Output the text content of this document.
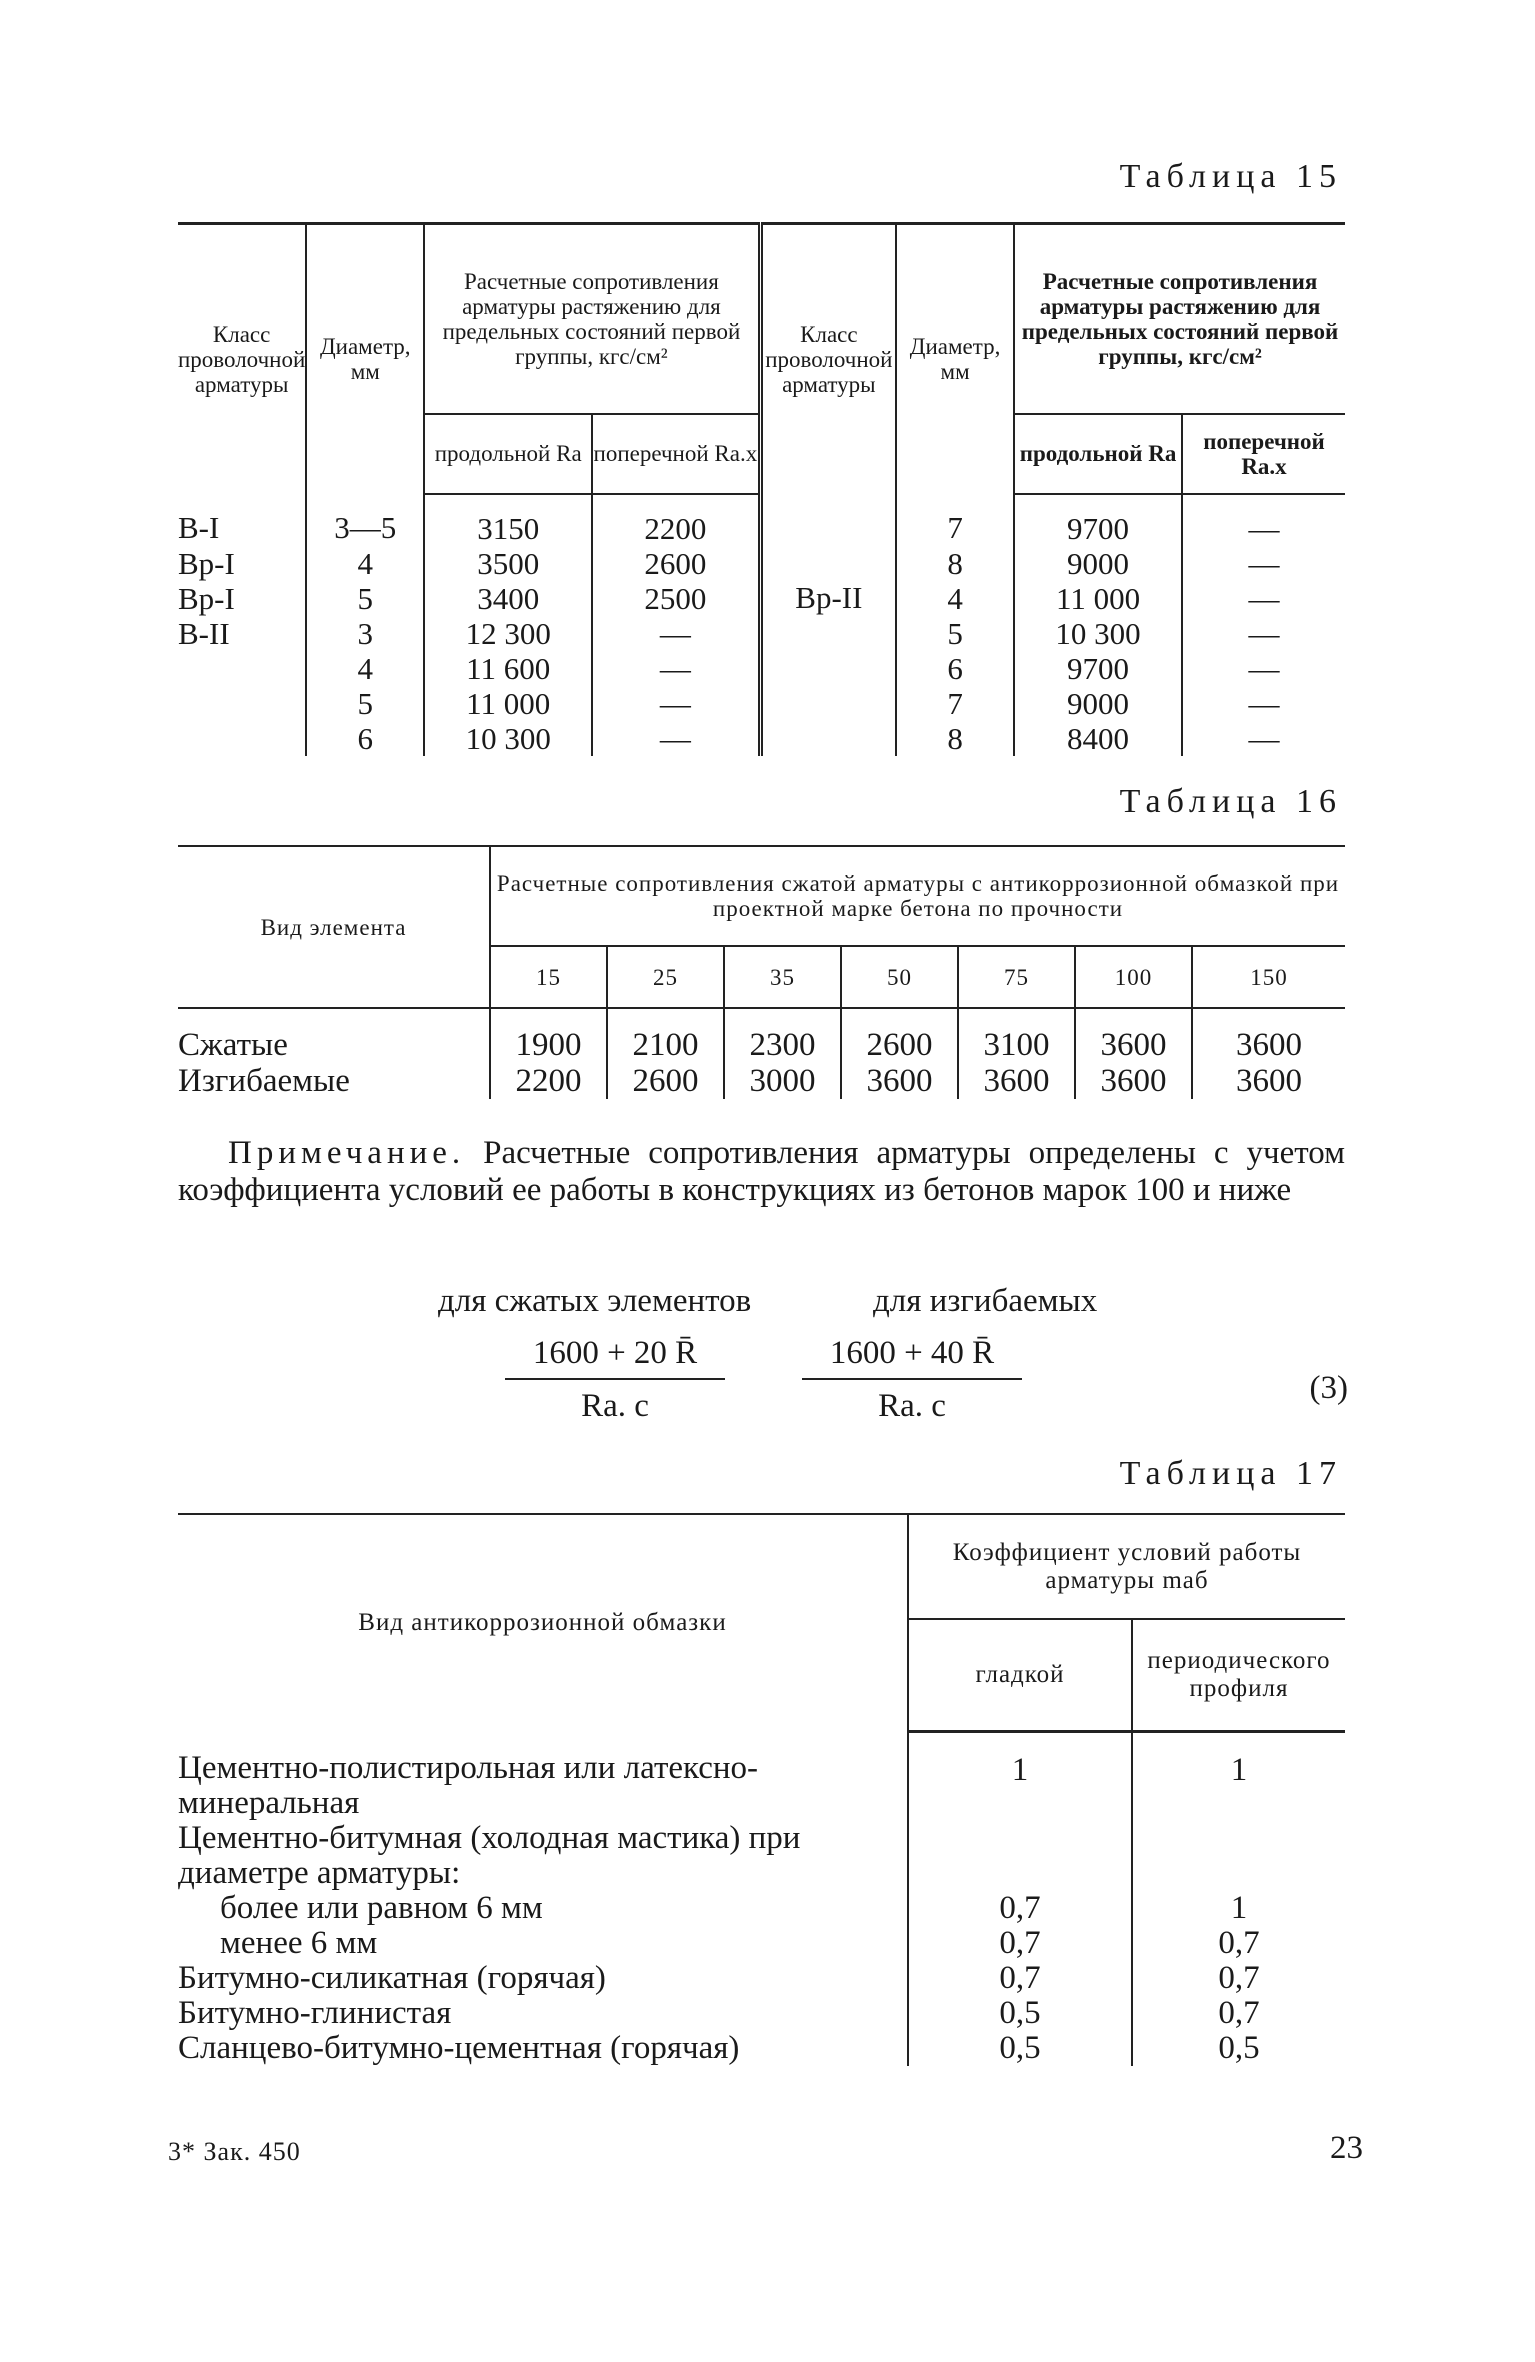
Таблица 15
Класс проволочной арматуры	Диаметр, мм	Расчетные сопротивления арматуры растяжению для предельных состояний первой группы, кгс/см²		Класс проволочной арматуры	Диаметр, мм	Расчетные сопротивления арматуры растяжению для предельных состояний первой группы, кгс/см²	
		продольной Rа	поперечной Rа.х			продольной Rа	поперечной Rа.х
В-I	3—5	3150	2200	Вр-II	7	9700	—
Вр-I	4	3500	2600		8	9000	—
Вр-I	5	3400	2500		4	11 000	—
В-II	3	12 300	—		5	10 300	—
	4	11 600	—		6	9700	—
	5	11 000	—		7	9000	—
	6	10 300	—		8	8400	—
Таблица 16
Вид элемента	Расчетные сопротивления сжатой арматуры с антикоррозионной обмазкой при проектной марке бетона по прочности						
	15	25	35	50	75	100	150
Сжатые	1900	2100	2300	2600	3100	3600	3600
Изгибаемые	2200	2600	3000	3600	3600	3600	3600
Примечание. Расчетные сопротивления арматуры определены с учетом коэффициента условий ее работы в конструкциях из бетонов марок 100 и ниже
для сжатых элементов	для изгибаемых
1600 + 20 R̄
Rа. с
1600 + 40 R̄
Rа. с	(3)
Таблица 17
Вид антикоррозионной обмазки	Коэффициент условий работы арматуры mаб	
	гладкой	периодического профиля
Цементно-полистирольная или латексно-минеральная	1	1
Цементно-битумная (холодная мастика) при диаметре арматуры:		
более или равном 6 мм	0,7	1
менее 6 мм	0,7	0,7
Битумно-силикатная (горячая)	0,7	0,7
Битумно-глинистая	0,5	0,7
Сланцево-битумно-цементная (горячая)	0,5	0,5
3* Зак. 450	23
